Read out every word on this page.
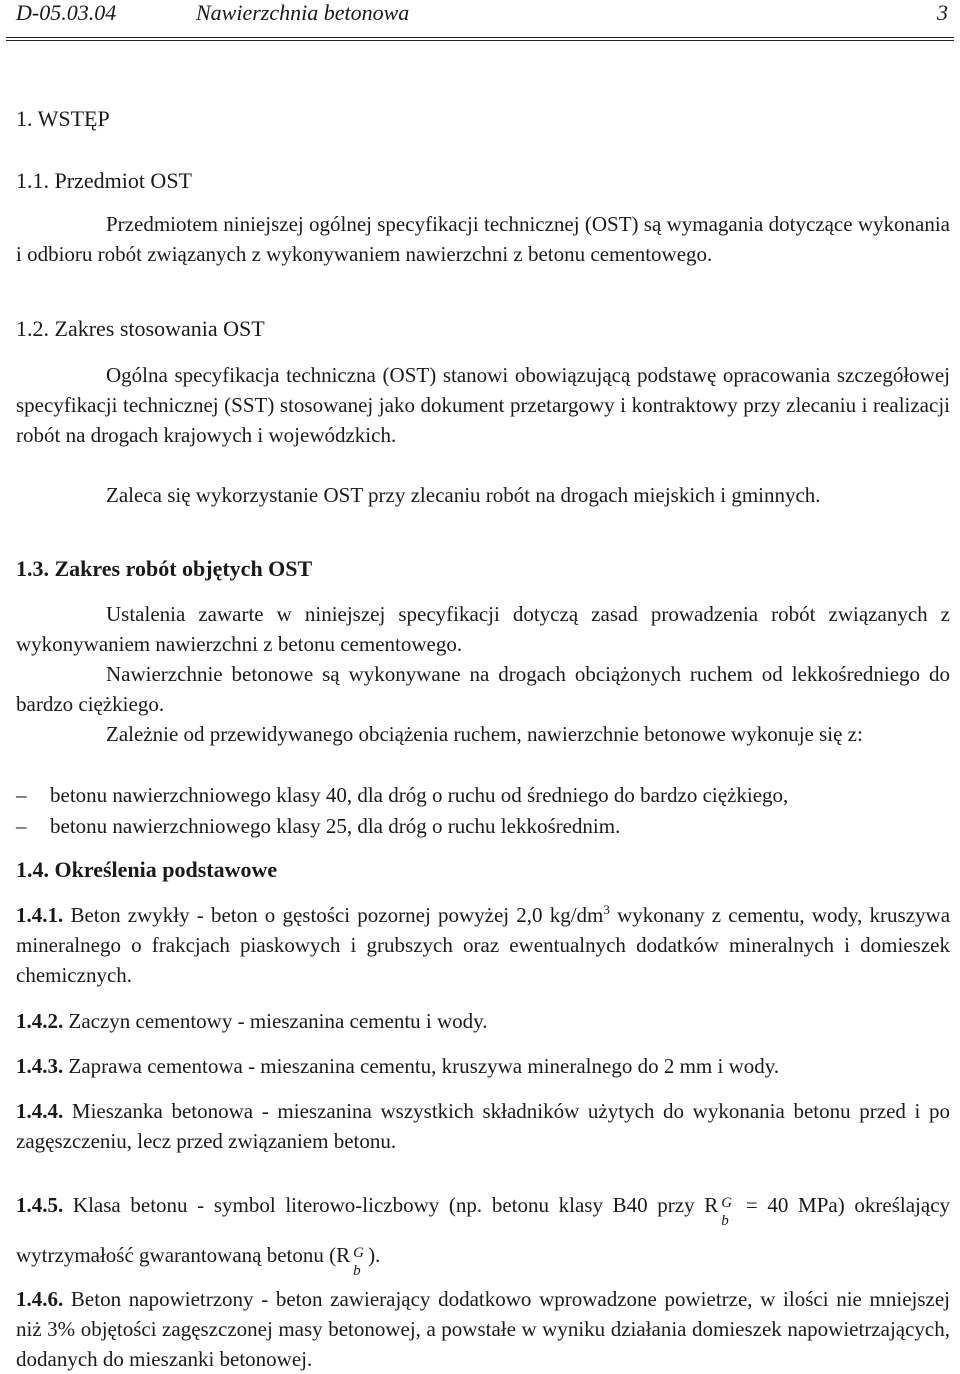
D-05.03.04	Nawierzchnia betonowa	3
1. WSTĘP
1.1. Przedmiot OST
Przedmiotem niniejszej ogólnej specyfikacji technicznej (OST) są wymagania dotyczące wykonania i odbioru robót związanych z wykonywaniem nawierzchni z betonu cementowego.
1.2. Zakres stosowania OST
Ogólna specyfikacja techniczna (OST) stanowi obowiązującą podstawę opracowania szczegółowej specyfikacji technicznej (SST) stosowanej jako dokument przetargowy i kontraktowy przy zlecaniu i realizacji robót na drogach krajowych i wojewódzkich.
Zaleca się wykorzystanie OST przy zlecaniu robót na drogach miejskich i gminnych.
1.3. Zakres robót objętych OST
Ustalenia zawarte w niniejszej specyfikacji dotyczą zasad prowadzenia robót związanych z wykonywaniem nawierzchni z betonu cementowego.
Nawierzchnie betonowe są wykonywane na drogach obciążonych ruchem od lekkośredniego do bardzo ciężkiego.
Zależnie od przewidywanego obciążenia ruchem, nawierzchnie betonowe wykonuje się z:
– betonu nawierzchniowego klasy 40, dla dróg o ruchu od średniego do bardzo ciężkiego,
– betonu nawierzchniowego klasy 25, dla dróg o ruchu lekkośrednim.
1.4. Określenia podstawowe
1.4.1. Beton zwykły - beton o gęstości pozornej powyżej 2,0 $kg/dm^3$ wykonany z cementu, wody, kruszywa mineralnego o frakcjach piaskowych i grubszych oraz ewentualnych dodatków mineralnych i domieszek chemicznych.
1.4.2. Zaczyn cementowy - mieszanina cementu i wody.
1.4.3. Zaprawa cementowa - mieszanina cementu, kruszywa mineralnego do 2 mm i wody.
1.4.4. Mieszanka betonowa - mieszanina wszystkich składników użytych do wykonania betonu przed i po zagęszczeniu, lecz przed związaniem betonu.
1.4.5. Klasa betonu - symbol literowo-liczbowy (np. betonu klasy B40 przy R G
b
= 40 MPa) określający wytrzymałość gwarantowaną betonu (R G
b
).
1.4.6. Beton napowietrzony - beton zawierający dodatkowo wprowadzone powietrze, w ilości nie mniejszej niż 3% objętości zagęszczonej masy betonowej, a powstałe w wyniku działania domieszek napowietrzających, dodanych do mieszanki betonowej.
